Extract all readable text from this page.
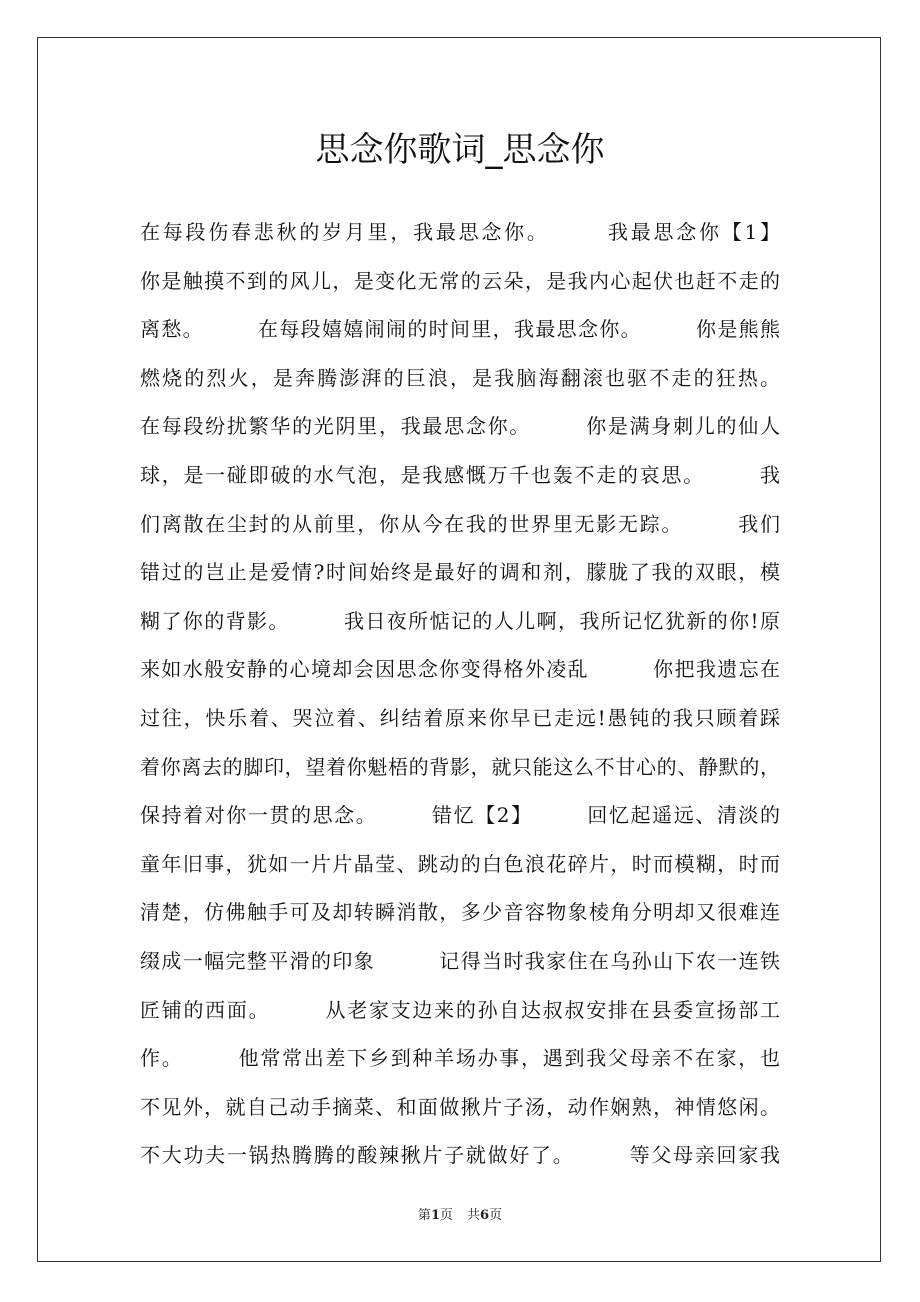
思念你歌词_思念你
在每段伤春悲秋的岁月里，我最思念你。　　　我最思念你【1】
你是触摸不到的风儿，是变化无常的云朵，是我内心起伏也赶不走的
离愁。　　　在每段嬉嬉闹闹的时间里，我最思念你。　　　你是熊熊
燃烧的烈火，是奔腾澎湃的巨浪，是我脑海翻滚也驱不走的狂热。
在每段纷扰繁华的光阴里，我最思念你。　　　你是满身刺儿的仙人
球，是一碰即破的水气泡，是我感慨万千也轰不走的哀思。　　　我
们离散在尘封的从前里，你从今在我的世界里无影无踪。　　　我们
错过的岂止是爱情?时间始终是最好的调和剂，朦胧了我的双眼，模
糊了你的背影。　　　我日夜所惦记的人儿啊，我所记忆犹新的你!原
来如水般安静的心境却会因思念你变得格外凌乱　　　你把我遗忘在
过往，快乐着、哭泣着、纠结着原来你早已走远!愚钝的我只顾着踩
着你离去的脚印，望着你魁梧的背影，就只能这么不甘心的、静默的，
保持着对你一贯的思念。　　　错忆【2】　　　回忆起遥远、清淡的
童年旧事，犹如一片片晶莹、跳动的白色浪花碎片，时而模糊，时而
清楚，仿佛触手可及却转瞬消散，多少音容物象棱角分明却又很难连
缀成一幅完整平滑的印象　　　记得当时我家住在乌孙山下农一连铁
匠铺的西面。　　　从老家支边来的孙自达叔叔安排在县委宣扬部工
作。　　　他常常出差下乡到种羊场办事，遇到我父母亲不在家，也
不见外，就自己动手摘菜、和面做揪片子汤，动作娴熟，神情悠闲。
不大功夫一锅热腾腾的酸辣揪片子就做好了。　　　等父母亲回家我
第1页 共6页
